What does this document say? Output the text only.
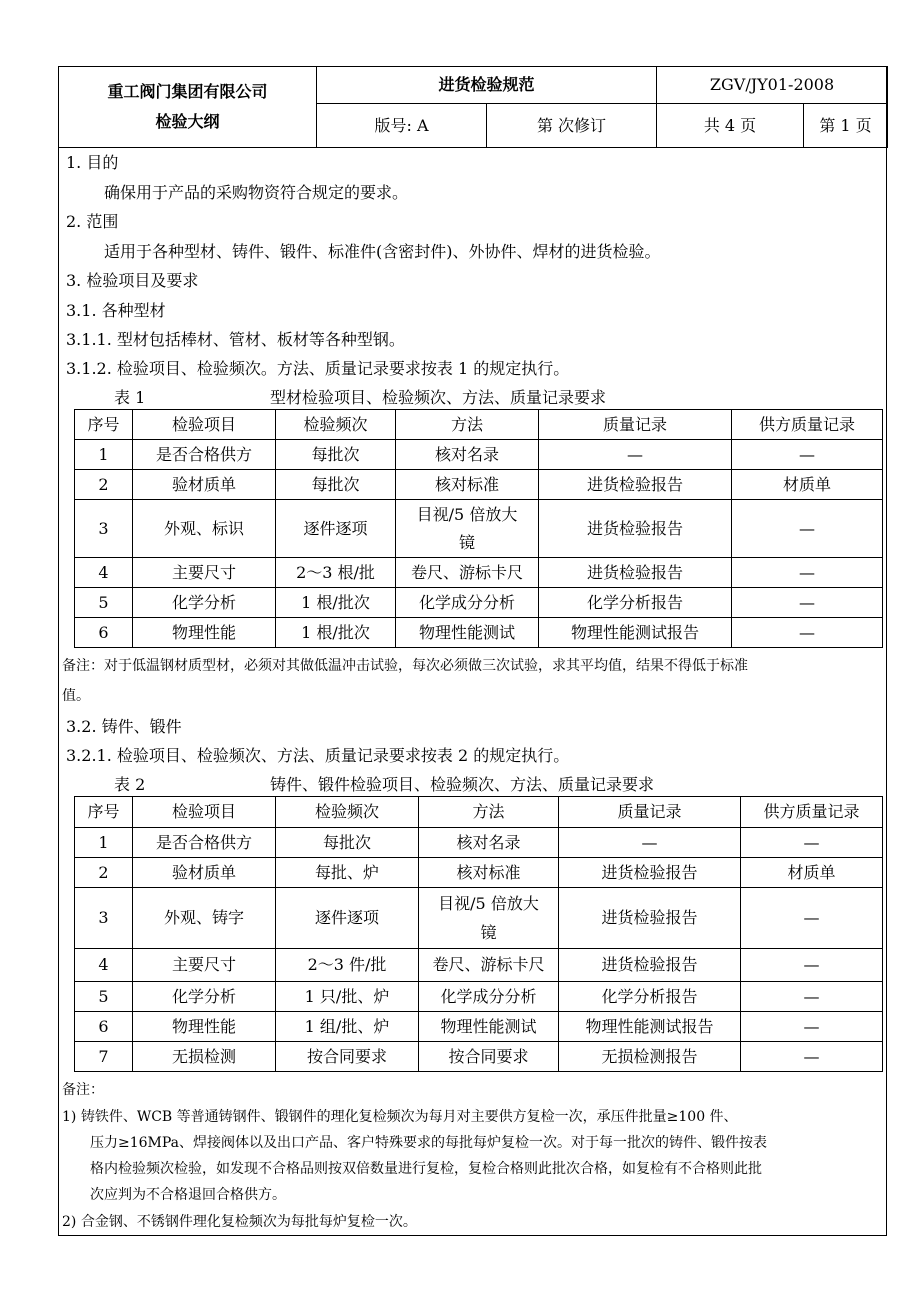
重工阀门集团有限公司
检验大纲	进货检验规范		ZGV/JY01-2008	
	版号: A	第 次修订	共 4 页	第 1 页
1. 目的
确保用于产品的采购物资符合规定的要求。
2. 范围
适用于各种型材、铸件、锻件、标准件(含密封件)、外协件、焊材的进货检验。
3. 检验项目及要求
3.1. 各种型材
3.1.1. 型材包括棒材、管材、板材等各种型钢。
3.1.2. 检验项目、检验频次。方法、质量记录要求按表 1 的规定执行。
表 1	型材检验项目、检验频次、方法、质量记录要求
序号	检验项目	检验频次	方法	质量记录	供方质量记录
1	是否合格供方	每批次	核对名录	—	—
2	验材质单	每批次	核对标准	进货检验报告	材质单
3	外观、标识	逐件逐项	目视/5 倍放大
镜	进货检验报告	—
4	主要尺寸	2～3 根/批	卷尺、游标卡尺	进货检验报告	—
5	化学分析	1 根/批次	化学成分分析	化学分析报告	—
6	物理性能	1 根/批次	物理性能测试	物理性能测试报告	—
备注：对于低温钢材质型材，必须对其做低温冲击试验，每次必须做三次试验，求其平均值，结果不得低于标准
值。
3.2. 铸件、锻件
3.2.1. 检验项目、检验频次、方法、质量记录要求按表 2 的规定执行。
表 2	铸件、锻件检验项目、检验频次、方法、质量记录要求
序号	检验项目	检验频次	方法	质量记录	供方质量记录
1	是否合格供方	每批次	核对名录	—	—
2	验材质单	每批、炉	核对标准	进货检验报告	材质单
3	外观、铸字	逐件逐项	目视/5 倍放大
镜	进货检验报告	—
4	主要尺寸	2～3 件/批	卷尺、游标卡尺	进货检验报告	—
5	化学分析	1 只/批、炉	化学成分分析	化学分析报告	—
6	物理性能	1 组/批、炉	物理性能测试	物理性能测试报告	—
7	无损检测	按合同要求	按合同要求	无损检测报告	—
备注：
1) 铸铁件、WCB 等普通铸钢件、锻钢件的理化复检频次为每月对主要供方复检一次，承压件批量≥100 件、
压力≥16MPa、焊接阀体以及出口产品、客户特殊要求的每批每炉复检一次。对于每一批次的铸件、锻件按表
格内检验频次检验，如发现不合格品则按双倍数量进行复检，复检合格则此批次合格，如复检有不合格则此批
次应判为不合格退回合格供方。
2) 合金钢、不锈钢件理化复检频次为每批每炉复检一次。
